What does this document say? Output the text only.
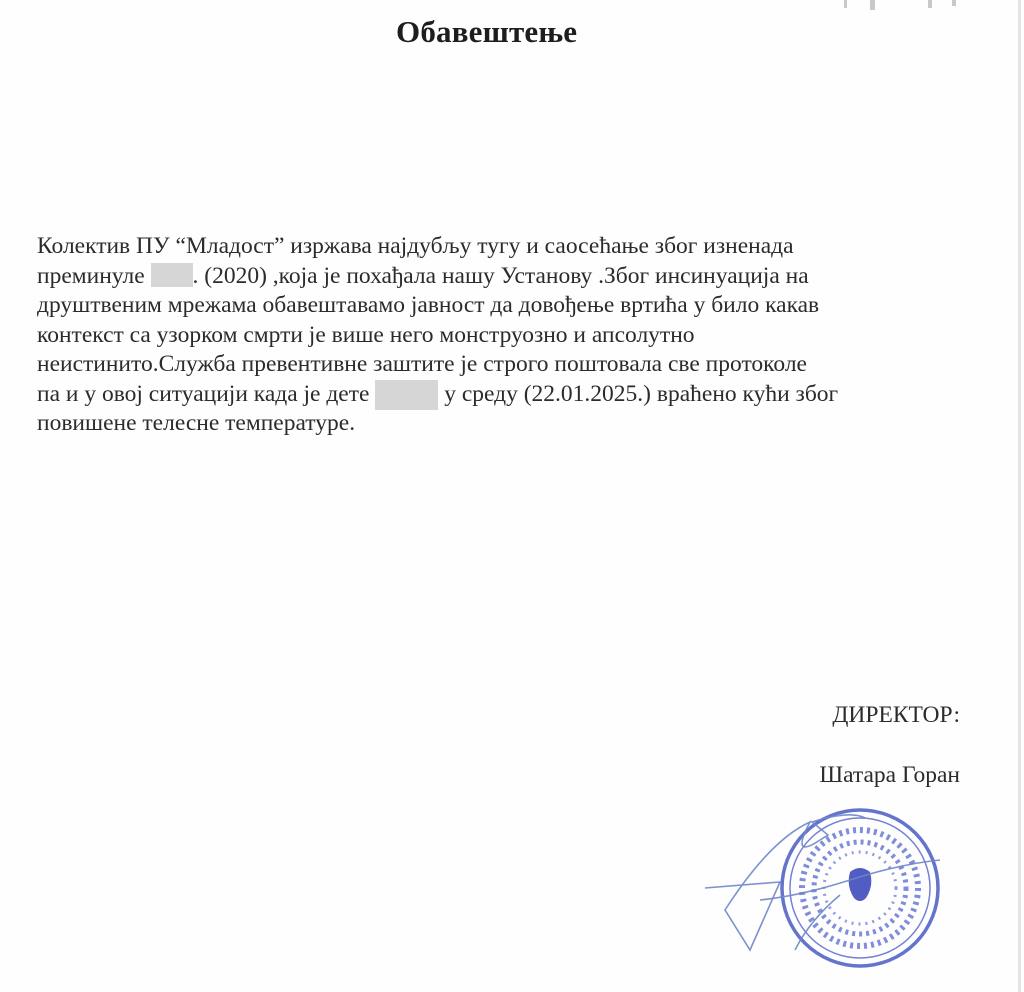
Обавештење
Колектив ПУ “Младост” изржава најдубљу тугу и саосећање због изненада
преминуле . (2020) ,која је похађала нашу Установу .Због инсинуација на
друштвеним мрежама обавештавамо јавност да довођење вртића у било какав
контекст са узорком смрти је више него монструозно и апсолутно
неистинито.Служба превентивне заштите је строго поштовала све протоколе
па и у овој ситуацији када је дете	у среду (22.01.2025.) враћено кући због
повишене телесне температуре.
ДИРЕКТОР:
Шатара Горан
